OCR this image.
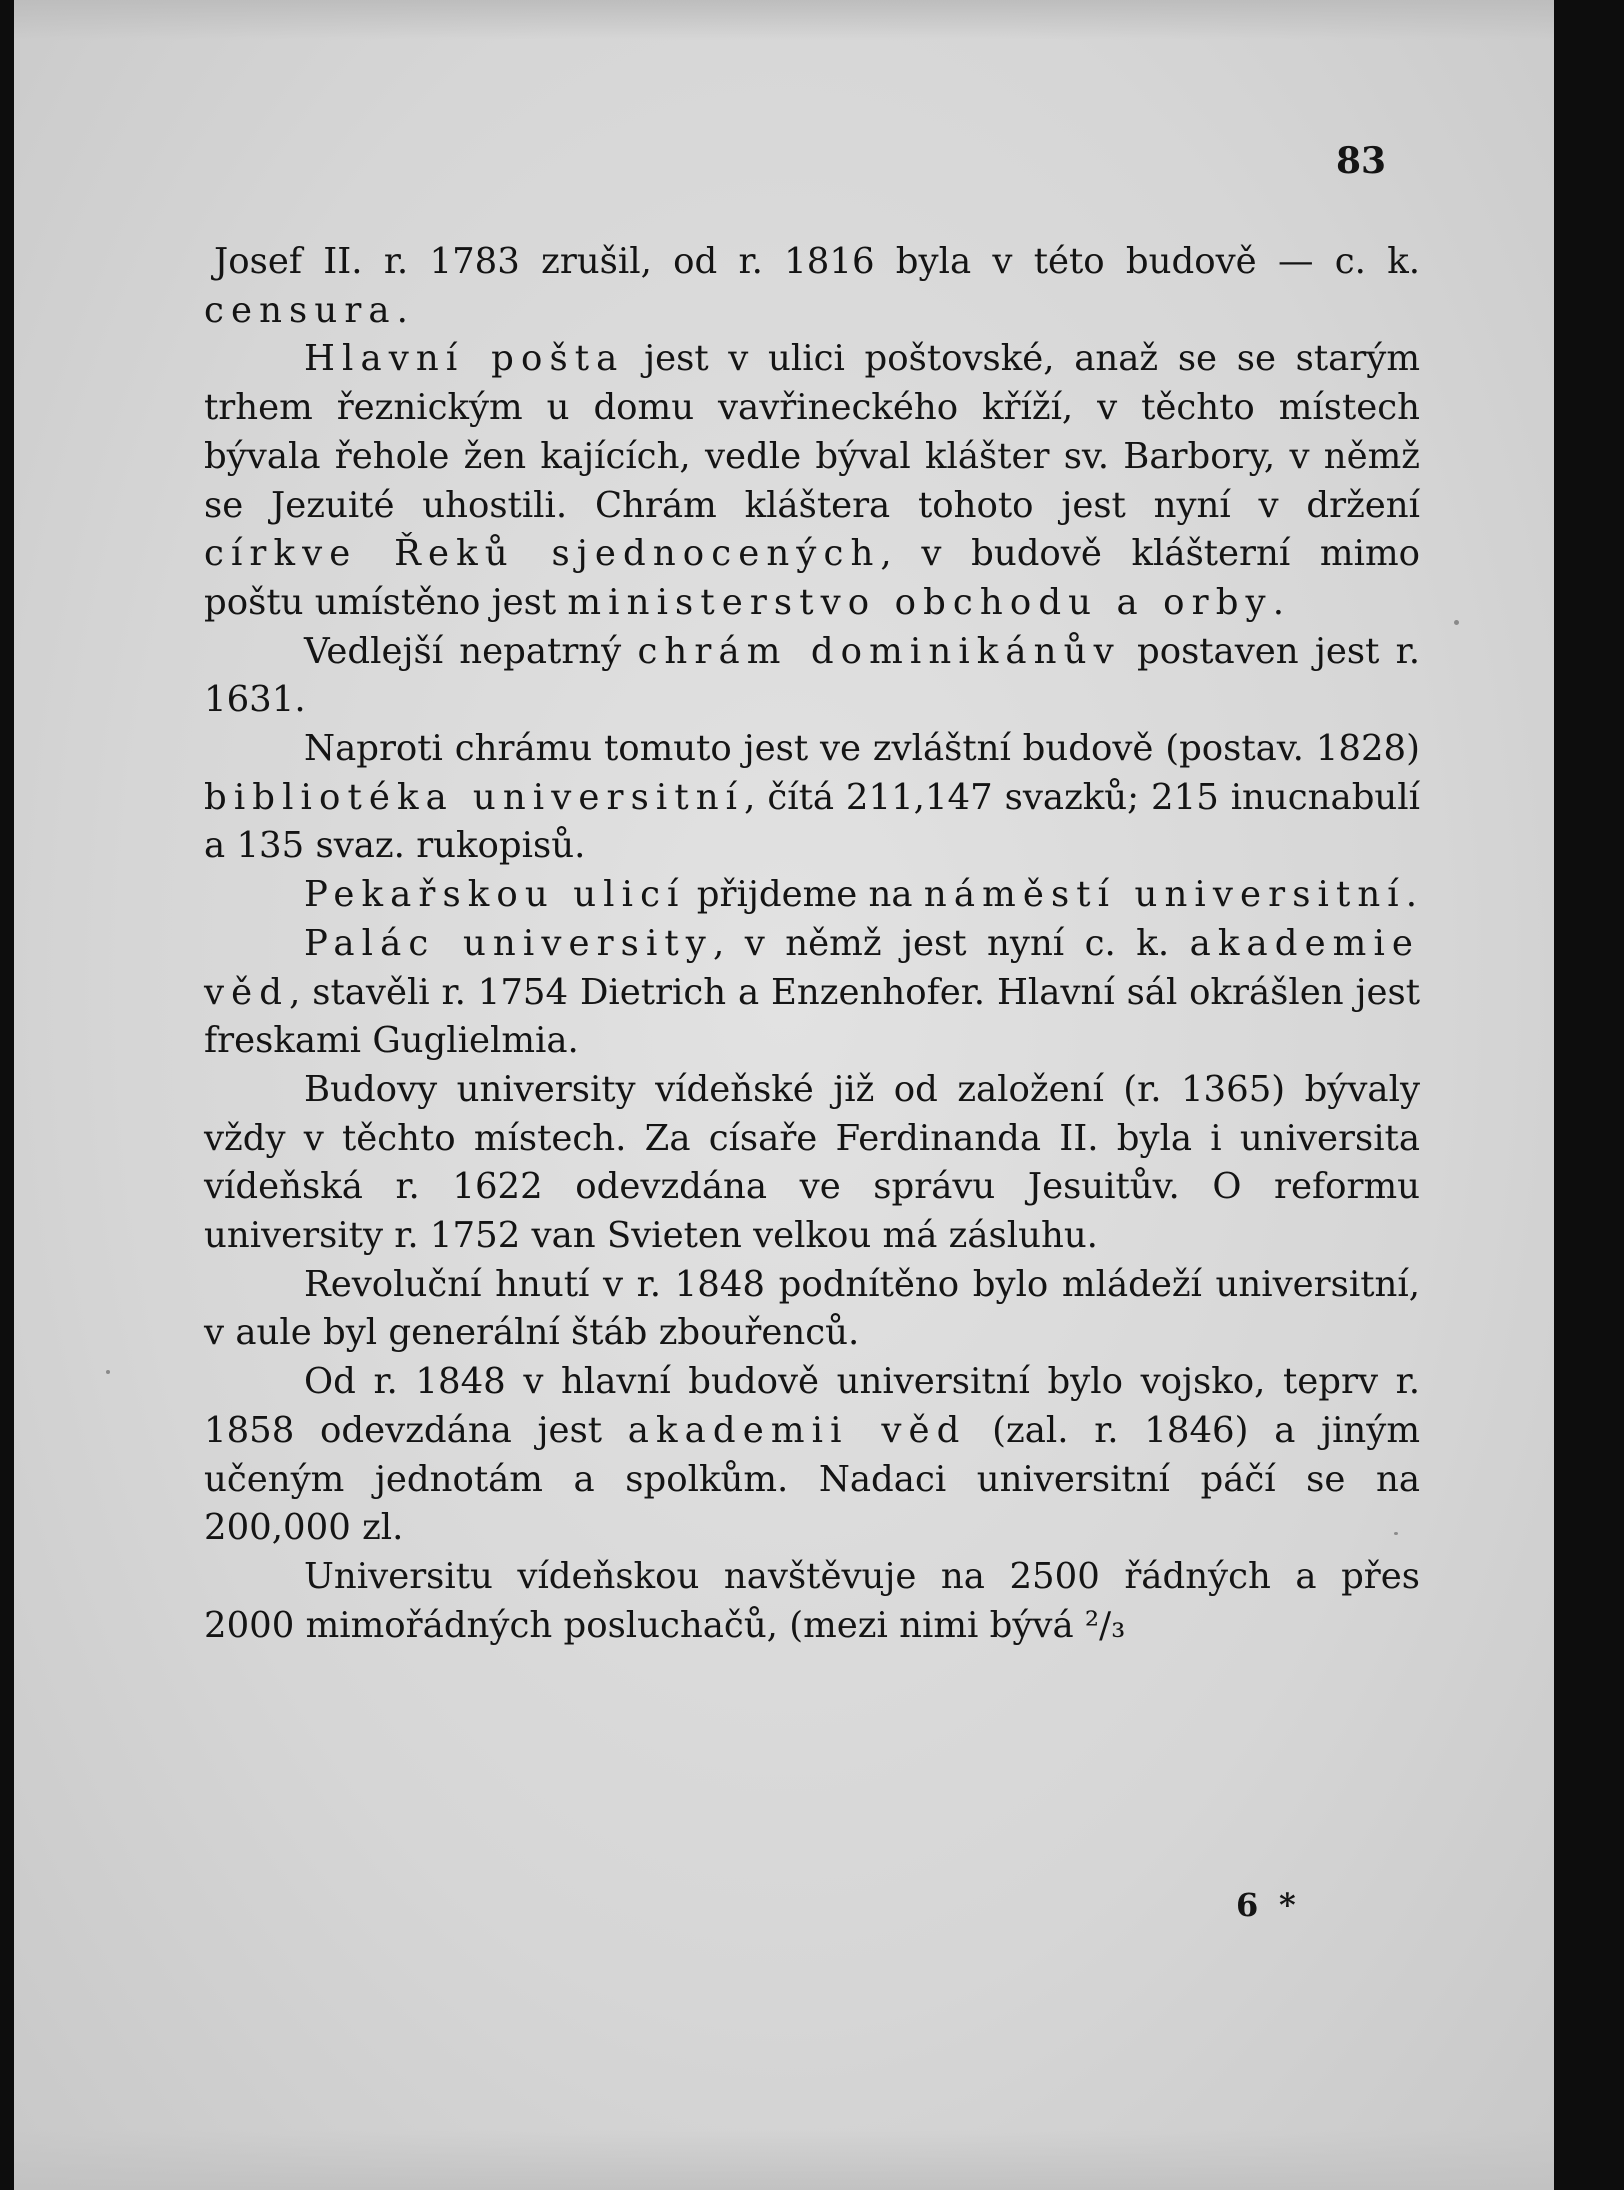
83

Josef II. r. 1783 zrušil, od r. 1816 byla v této budově — c. k. censura.

Hlavní pošta jest v ulici poštovské, anaž se se starým trhem řeznickým u domu vavřineckého kříží, v těchto místech bývala řehole žen kajících, vedle býval klášter sv. Barbory, v němž se Jezuité uhostili. Chrám kláštera tohoto jest nyní v držení církve Řeků sjednocených, v budově klášterní mimo poštu umístěno jest ministerstvo obchodu a orby.

Vedlejší nepatrný chrám dominikánův postaven jest r. 1631.

Naproti chrámu tomuto jest ve zvláštní budově (postav. 1828) bibliotéka universitní, čítá 211,147 svazků; 215 inucnabulí a 135 svaz. rukopisů.

Pekařskou ulicí přijdeme na náměstí universitní.

Palác university, v němž jest nyní c. k. akademie věd, stavěli r. 1754 Dietrich a Enzenhofer. Hlavní sál okrášlen jest freskami Guglielmia.

Budovy university vídeňské již od založení (r. 1365) bývaly vždy v těchto místech. Za císaře Ferdinanda II. byla i universita vídeňská r. 1622 odevzdána ve správu Jesuitův. O reformu university r. 1752 van Svieten velkou má zásluhu.

Revoluční hnutí v r. 1848 podnítěno bylo mládeží universitní, v aule byl generální štáb zbouřenců.

Od r. 1848 v hlavní budově universitní bylo vojsko, teprv r. 1858 odevzdána jest akademii věd (zal. r. 1846) a jiným učeným jednotám a spolkům. Nadaci universitní páčí se na 200,000 zl.

Universitu vídeňskou navštěvuje na 2500 řádných a přes 2000 mimořádných posluchačů, (mezi nimi bývá ²/₃

6 *
